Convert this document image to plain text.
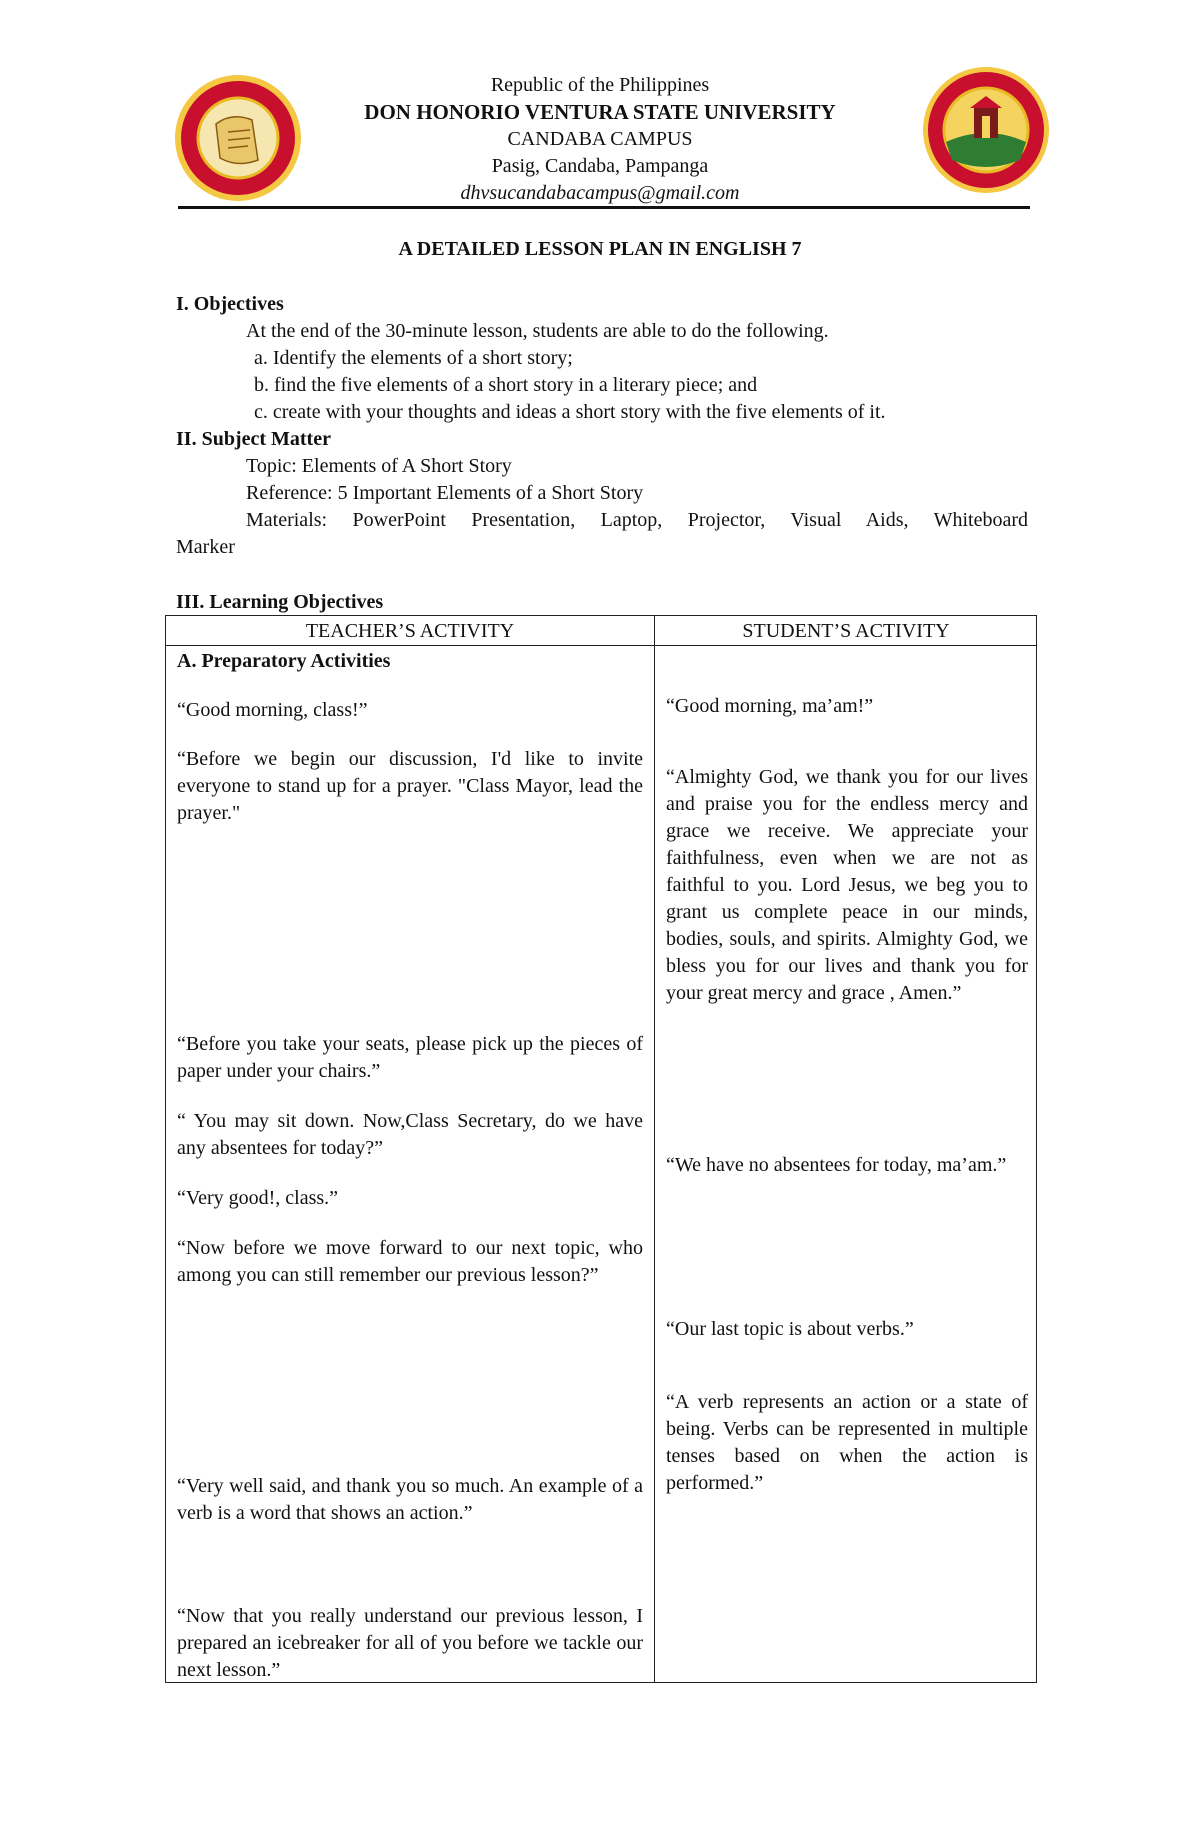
Republic of the Philippines
DON HONORIO VENTURA STATE UNIVERSITY
CANDABA CAMPUS
Pasig, Candaba, Pampanga
dhvsucandabacampus@gmail.com
A DETAILED LESSON PLAN IN ENGLISH 7
I. Objectives
At the end of the 30-minute lesson, students are able to do the following.
a. Identify the elements of a short story;
b. find the five elements of a short story in a literary piece; and
c. create with your thoughts and ideas a short story with the five elements of it.
II. Subject Matter
Topic: Elements of A Short Story
Reference: 5 Important Elements of a Short Story
Materials: PowerPoint Presentation, Laptop, Projector, Visual Aids, Whiteboard
Marker
III. Learning Objectives
TEACHER’S ACTIVITY	STUDENT’S ACTIVITY
A. Preparatory Activities
“Good morning, class!”
“Before we begin our discussion, I'd like to invite everyone to stand up for a prayer. "Class Mayor, lead the prayer."
“Before you take your seats, please pick up the pieces of paper under your chairs.”
“ You may sit down. Now,Class Secretary, do we have any absentees for today?”
“Very good!, class.”
“Now before we move forward to our next topic, who among you can still remember our previous lesson?”
“Very well said, and thank you so much. An example of a verb is a word that shows an action.”
“Now that you really understand our previous lesson, I prepared an icebreaker for all of you before we tackle our next lesson.”
“Good morning, ma’am!”
“Almighty God, we thank you for our lives and praise you for the endless mercy and grace we receive. We appreciate your faithfulness, even when we are not as faithful to you. Lord Jesus, we beg you to grant us complete peace in our minds, bodies, souls, and spirits. Almighty God, we bless you for our lives and thank you for your great mercy and grace , Amen.”
“We have no absentees for today, ma’am.”
“Our last topic is about verbs.”
“A verb represents an action or a state of being. Verbs can be represented in multiple tenses based on when the action is performed.”
